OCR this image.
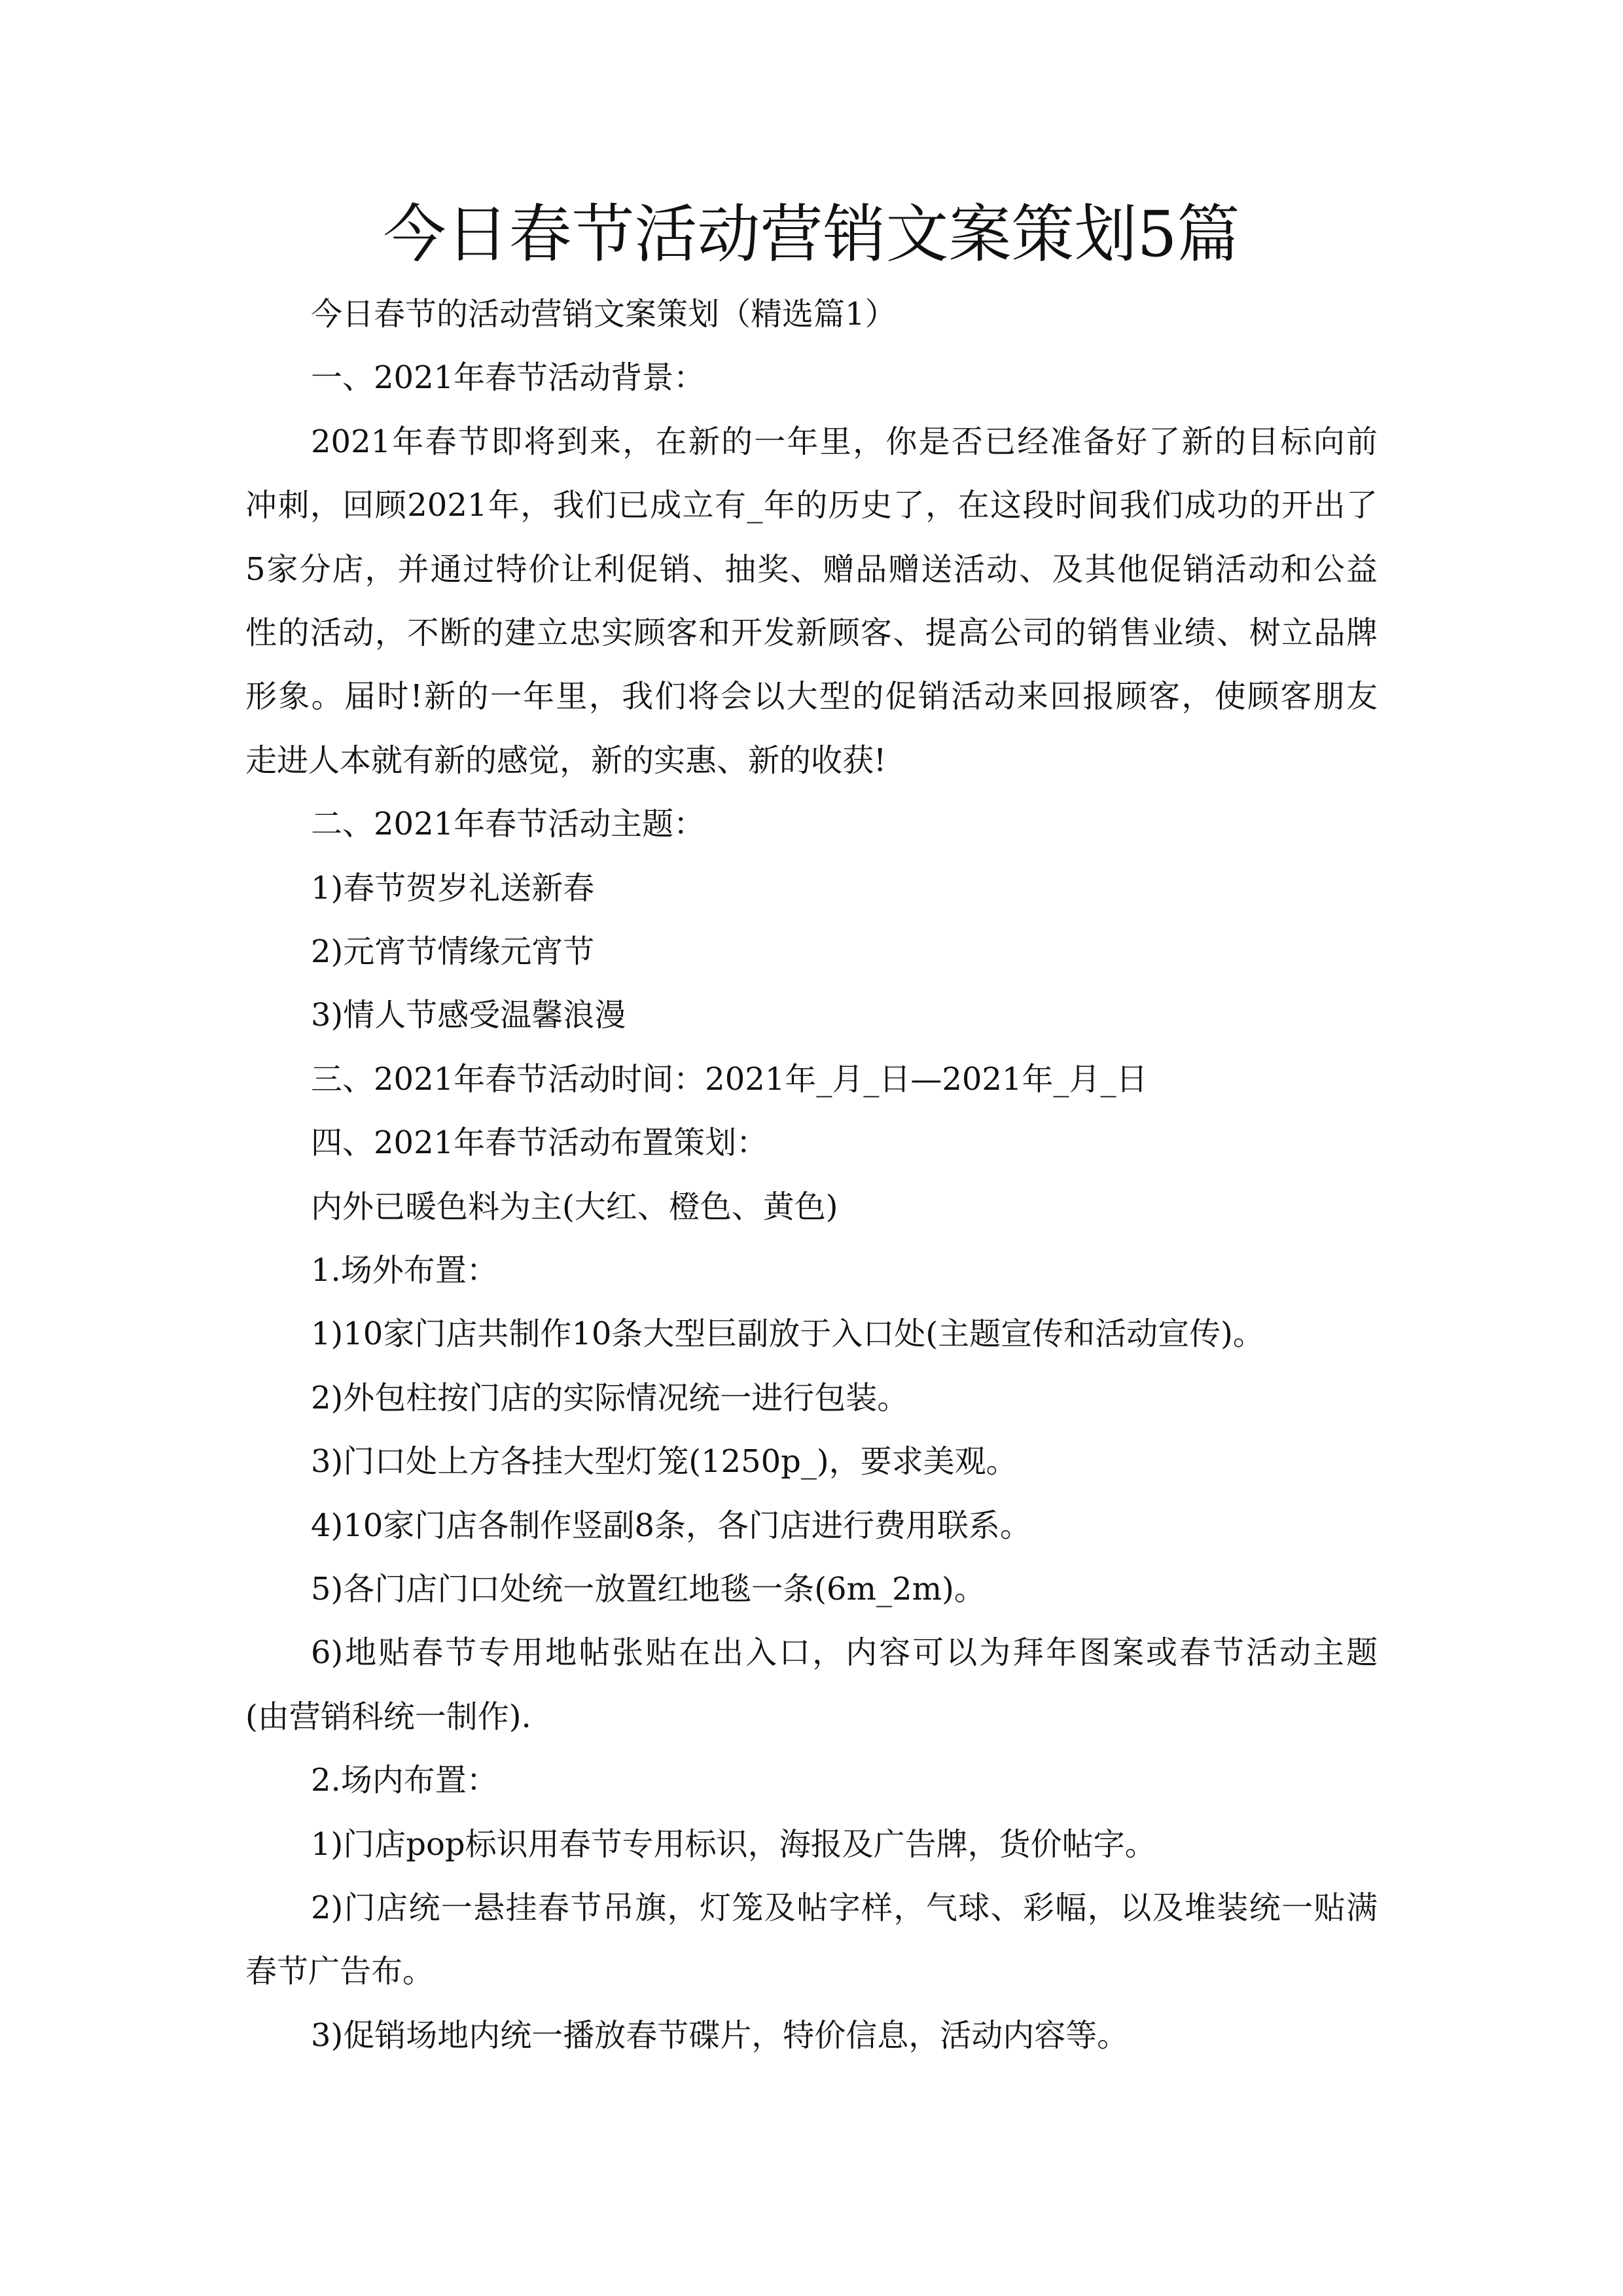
今日春节活动营销文案策划5篇
今日春节的活动营销文案策划（精选篇1）
一、2021年春节活动背景：
2021年春节即将到来，在新的一年里，你是否已经准备好了新的目标向前
冲刺，回顾2021年，我们已成立有_年的历史了，在这段时间我们成功的开出了
5家分店，并通过特价让利促销、抽奖、赠品赠送活动、及其他促销活动和公益
性的活动，不断的建立忠实顾客和开发新顾客、提高公司的销售业绩、树立品牌
形象。届时!新的一年里，我们将会以大型的促销活动来回报顾客，使顾客朋友
走进人本就有新的感觉，新的实惠、新的收获!
二、2021年春节活动主题：
1)春节贺岁礼送新春
2)元宵节情缘元宵节
3)情人节感受温馨浪漫
三、2021年春节活动时间：2021年_月_日—2021年_月_日
四、2021年春节活动布置策划：
内外已暖色料为主(大红、橙色、黄色)
1.场外布置：
1)10家门店共制作10条大型巨副放于入口处(主题宣传和活动宣传)。
2)外包柱按门店的实际情况统一进行包装。
3)门口处上方各挂大型灯笼(1250p_)，要求美观。
4)10家门店各制作竖副8条，各门店进行费用联系。
5)各门店门口处统一放置红地毯一条(6m_2m)。
6)地贴春节专用地帖张贴在出入口，内容可以为拜年图案或春节活动主题
(由营销科统一制作).
2.场内布置：
1)门店pop标识用春节专用标识，海报及广告牌，货价帖字。
2)门店统一悬挂春节吊旗，灯笼及帖字样，气球、彩幅，以及堆装统一贴满
春节广告布。
3)促销场地内统一播放春节碟片，特价信息，活动内容等。
